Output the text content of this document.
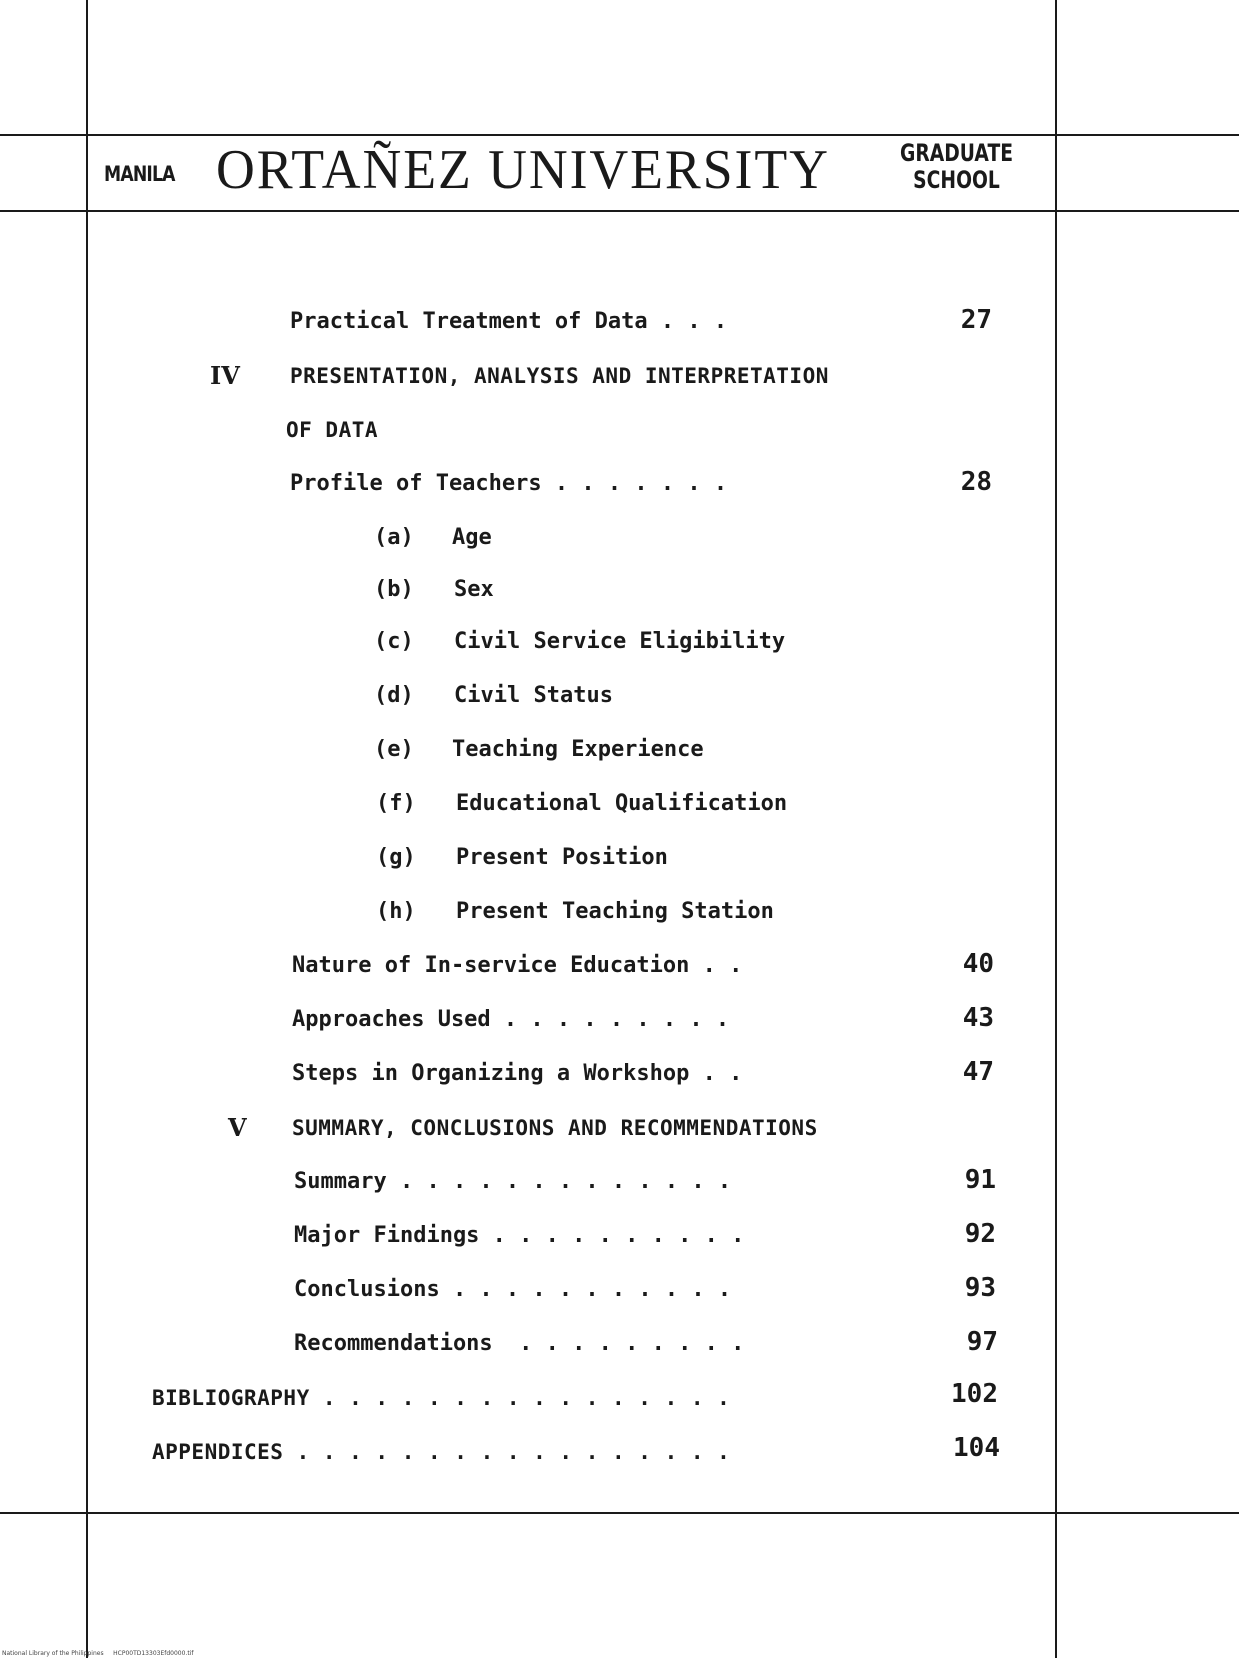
MANILA ORTAÑEZ UNIVERSITY	GRADUATE
SCHOOL
Practical Treatment of Data . . .	27
IV PRESENTATION, ANALYSIS AND INTERPRETATION
OF DATA
Profile of Teachers . . . . . . .	28
(a) Age
(b) Sex
(c) Civil Service Eligibility
(d) Civil Status
(e) Teaching Experience
(f) Educational Qualification
(g) Present Position
(h) Present Teaching Station
Nature of In-service Education . .	40
Approaches Used . . . . . . . . .	43
Steps in Organizing a Workshop . .	47
V SUMMARY, CONCLUSIONS AND RECOMMENDATIONS
Summary . . . . . . . . . . . . .	91
Major Findings . . . . . . . . . .	92
Conclusions . . . . . . . . . . .	93
Recommendations  . . . . . . . . .	97
BIBLIOGRAPHY . . . . . . . . . . . . . . . .	102
APPENDICES . . . . . . . . . . . . . . . . .	104
National Library of the Philippines HCP00TD13303Efd0000.tif
